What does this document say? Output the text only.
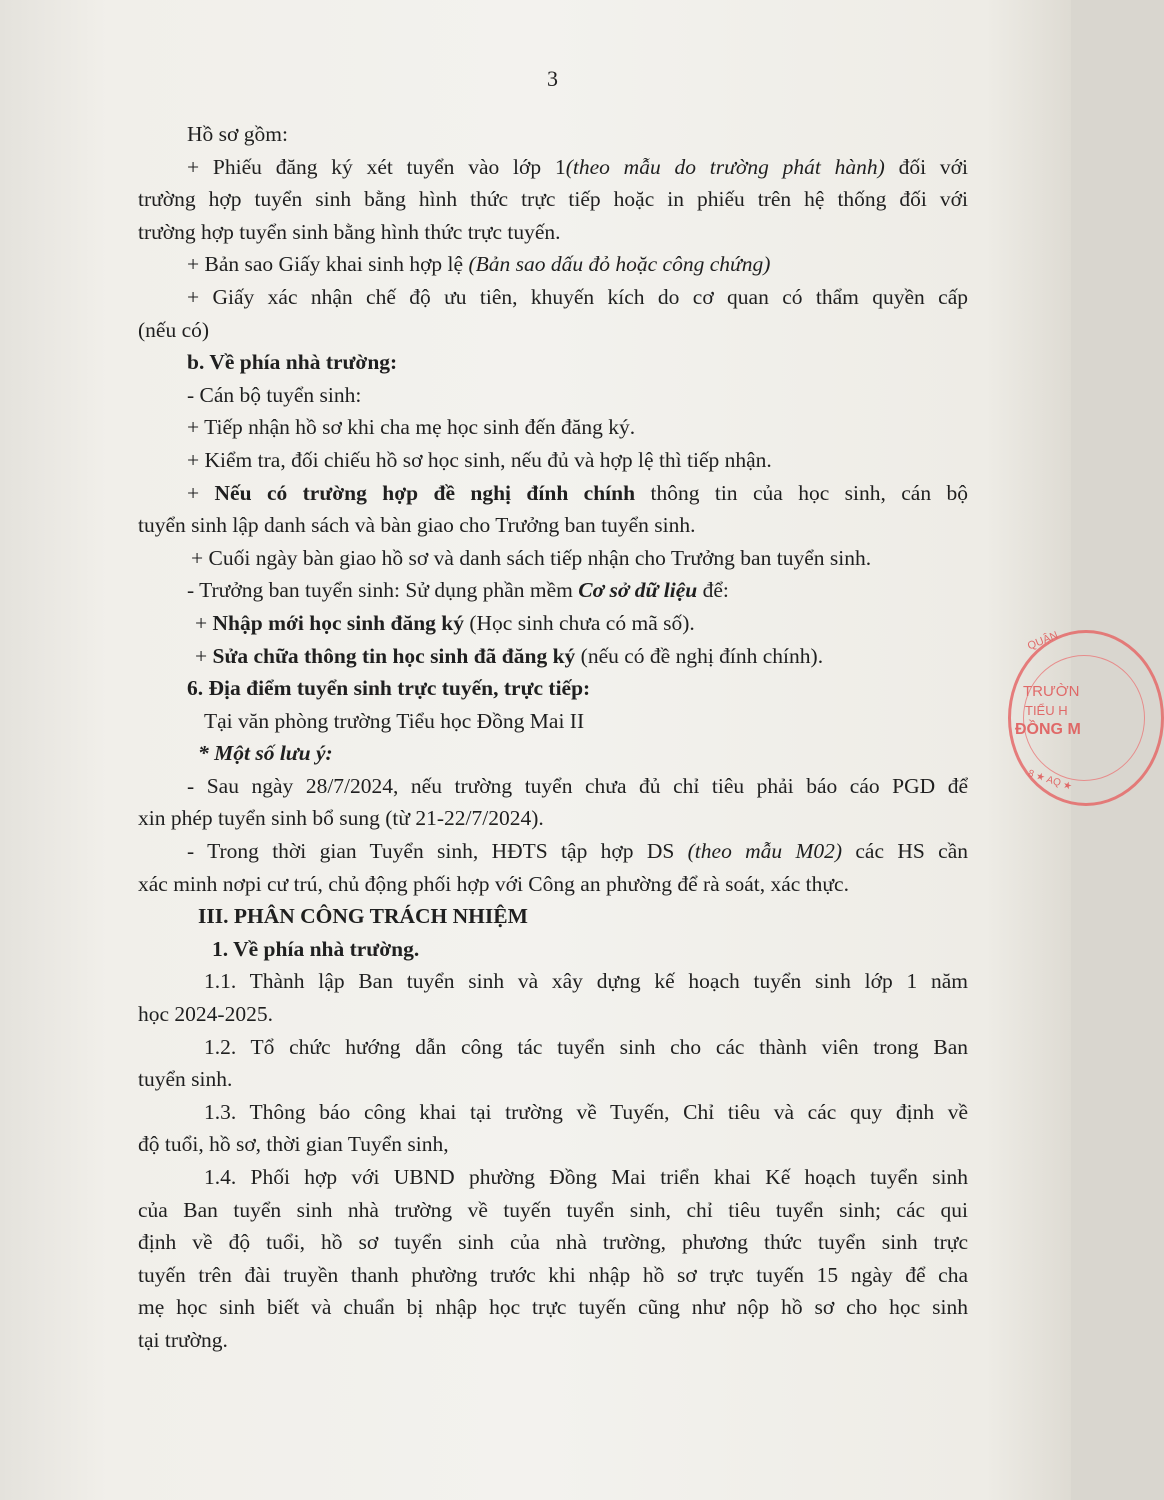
3

Hồ sơ gồm:

+ Phiếu đăng ký xét tuyển vào lớp 1(theo mẫu do trường phát hành) đối với

trường hợp tuyển sinh bằng hình thức trực tiếp hoặc in phiếu trên hệ thống đối với

trường hợp tuyển sinh bằng hình thức trực tuyến.

+ Bản sao Giấy khai sinh hợp lệ (Bản sao dấu đỏ hoặc công chứng)

+ Giấy xác nhận chế độ ưu tiên, khuyến kích do cơ quan có thẩm quyền cấp

(nếu có)

b. Về phía nhà trường:

- Cán bộ tuyển sinh:

+ Tiếp nhận hồ sơ khi cha mẹ học sinh đến đăng ký.

+ Kiểm tra, đối chiếu hồ sơ học sinh, nếu đủ và hợp lệ thì tiếp nhận.

+ Nếu có trường hợp đề nghị đính chính thông tin của học sinh, cán bộ

tuyển sinh lập danh sách và bàn giao cho Trưởng ban tuyển sinh.

+ Cuối ngày bàn giao hồ sơ và danh sách tiếp nhận cho Trưởng ban tuyển sinh.

- Trưởng ban tuyển sinh: Sử dụng phần mềm Cơ sở dữ liệu để:

+ Nhập mới học sinh đăng ký (Học sinh chưa có mã số).

+ Sửa chữa thông tin học sinh đã đăng ký (nếu có đề nghị đính chính).

6. Địa điểm tuyển sinh trực tuyến, trực tiếp:

Tại văn phòng trường Tiểu học Đồng Mai II

* Một số lưu ý:

- Sau ngày 28/7/2024, nếu trường tuyển chưa đủ chỉ tiêu phải báo cáo PGD để

xin phép tuyển sinh bổ sung (từ 21-22/7/2024).

- Trong thời gian Tuyển sinh, HĐTS tập hợp DS (theo mẫu M02) các HS cần

xác minh nơpi cư trú, chủ động phối hợp với Công an phường để rà soát, xác thực.

III. PHÂN CÔNG TRÁCH NHIỆM

1. Về phía nhà trường.

1.1. Thành lập Ban tuyển sinh và xây dựng kế hoạch tuyển sinh lớp 1 năm

học 2024-2025.

1.2. Tổ chức hướng dẫn công tác tuyển sinh cho các thành viên trong Ban

tuyển sinh.

1.3. Thông báo công khai tại trường về Tuyến, Chỉ tiêu và các quy định về

độ tuổi, hồ sơ, thời gian Tuyển sinh,

1.4. Phối hợp với UBND phường Đồng Mai triển khai Kế hoạch tuyển sinh

của Ban tuyển sinh nhà trường về tuyến tuyển sinh, chỉ tiêu tuyển sinh; các qui

định về độ tuổi, hồ sơ tuyển sinh của nhà trường, phương thức tuyển sinh trực

tuyến trên đài truyền thanh phường trước khi nhập hồ sơ trực tuyến 15 ngày để cha

mẹ học sinh biết và chuẩn bị nhập học trực tuyến cũng như nộp hồ sơ cho học sinh

tại trường.

QUẬN
TRƯỜN
TIỂU H
ĐỒNG M
8 ★ AQ ★
